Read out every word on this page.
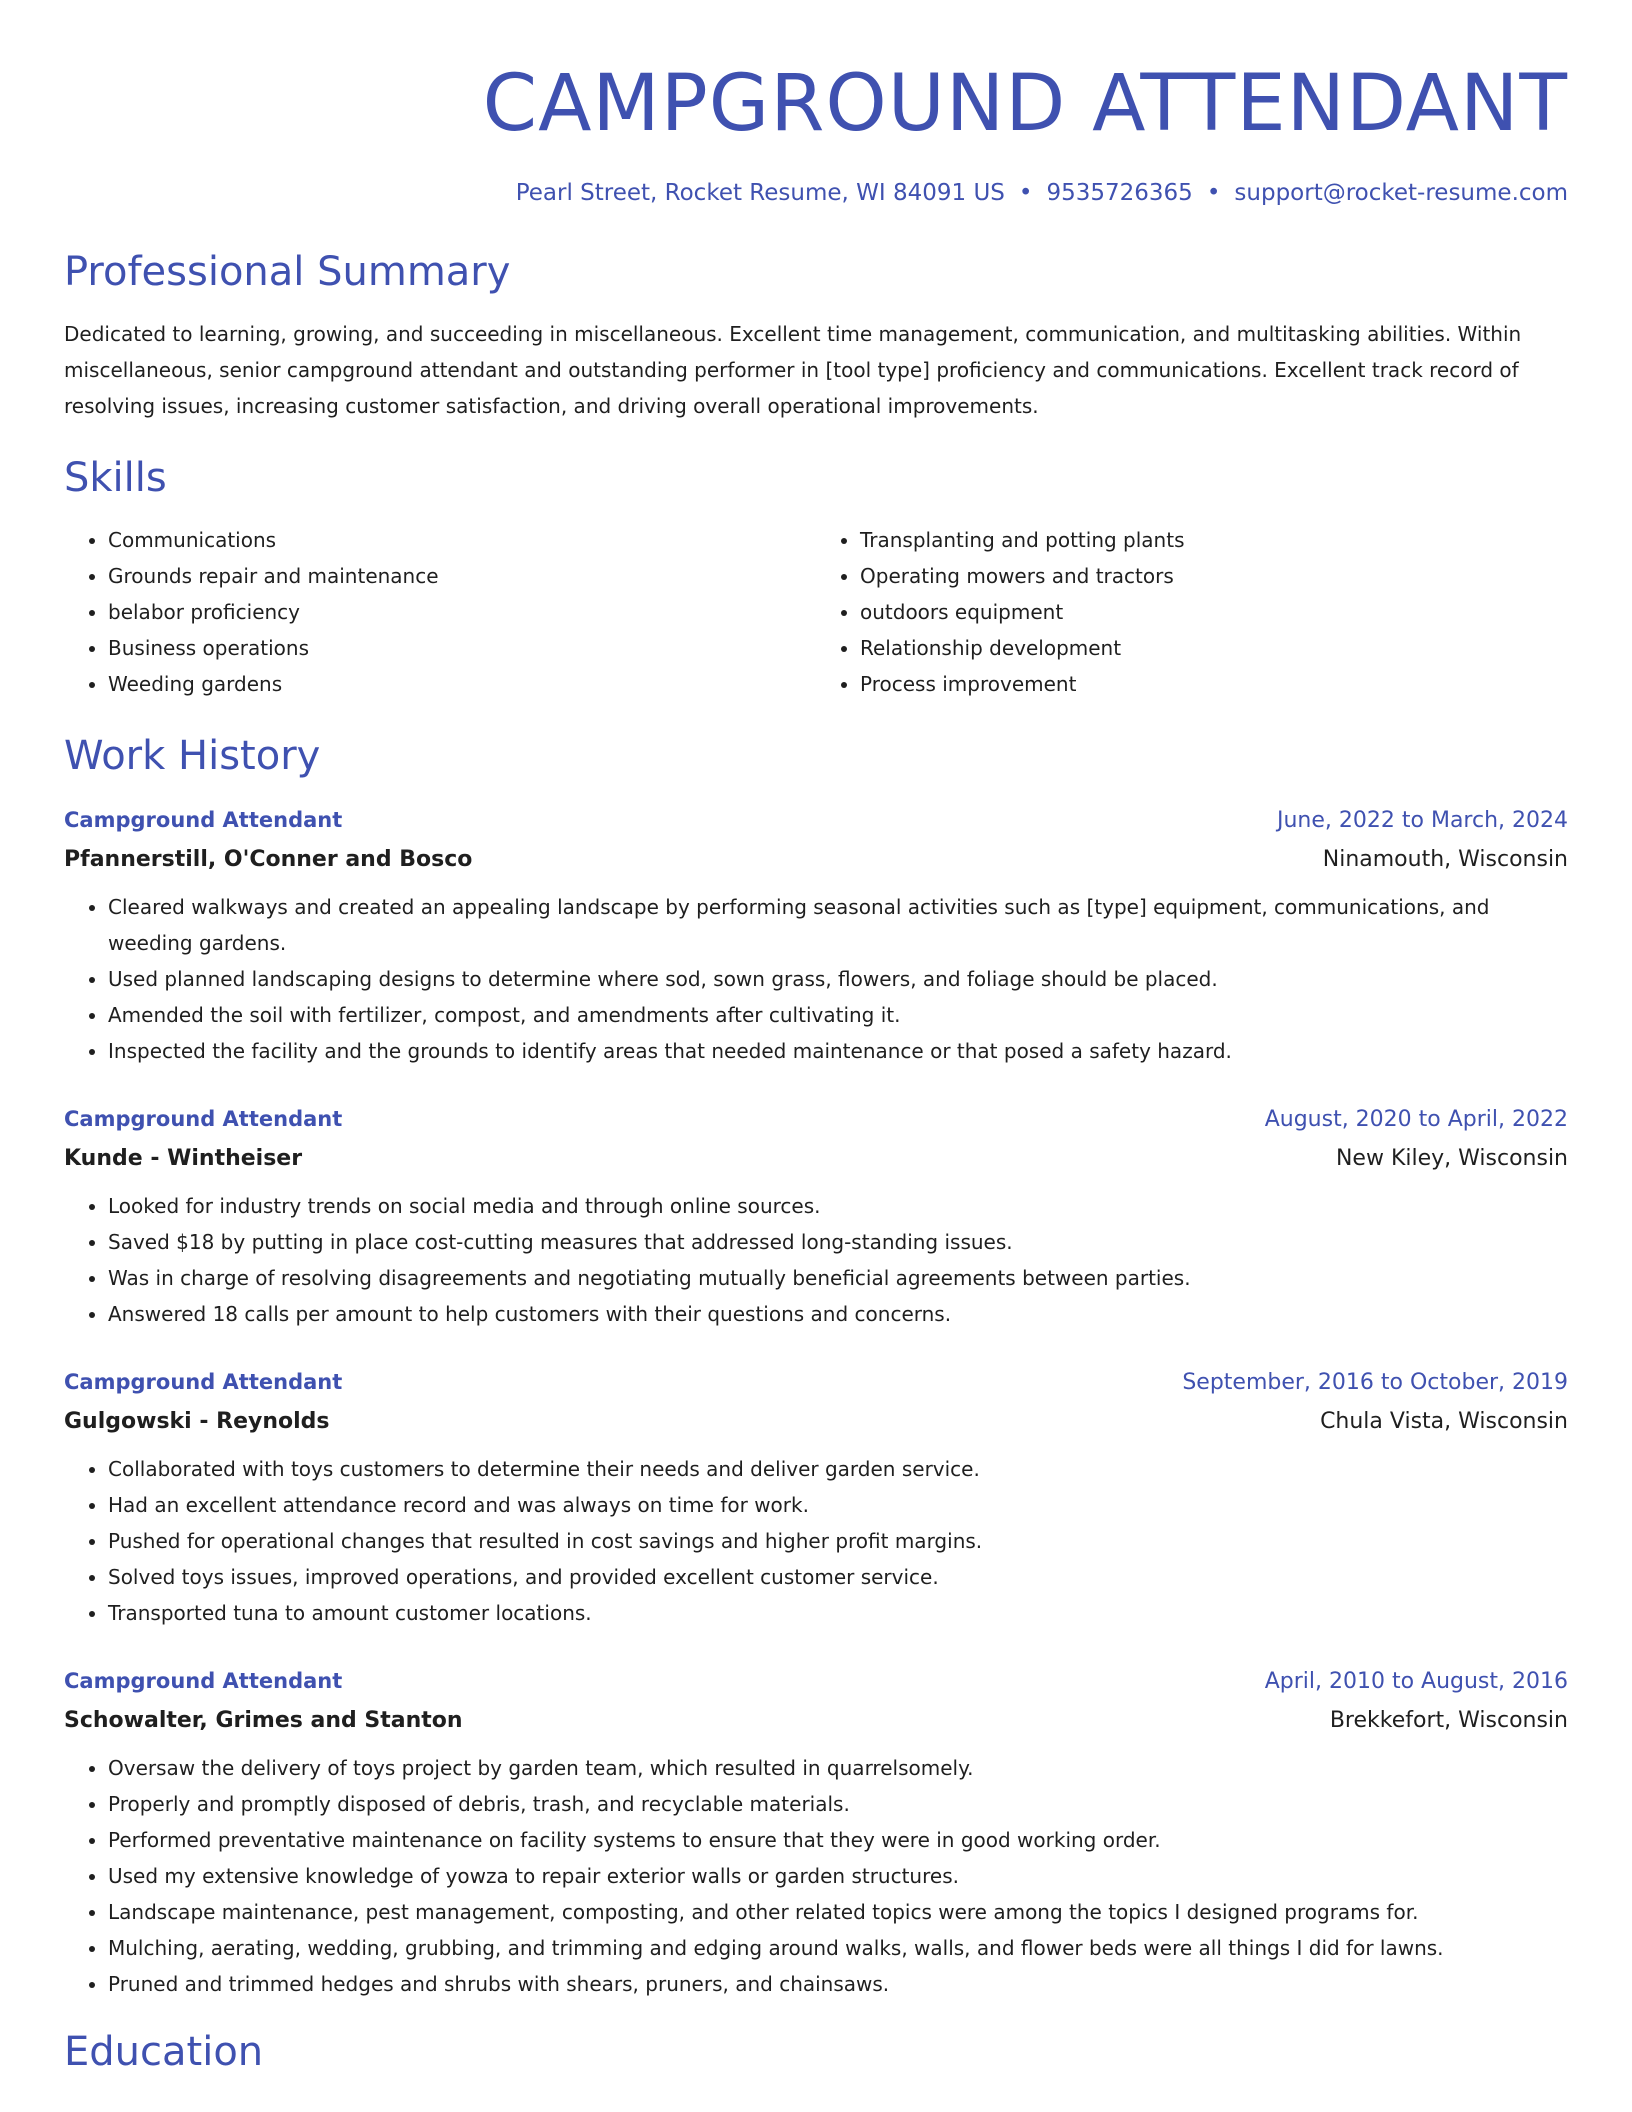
CAMPGROUND ATTENDANT
Pearl Street, Rocket Resume, WI 84091 US • 9535726365 • support@rocket-resume.com
Professional Summary

Dedicated to learning, growing, and succeeding in miscellaneous. Excellent time management, communication, and multitasking abilities. Within miscellaneous, senior campground attendant and outstanding performer in [tool type] proficiency and communications. Excellent track record of resolving issues, increasing customer satisfaction, and driving overall operational improvements.

Skills
• Communications
• Grounds repair and maintenance
• belabor proficiency
• Business operations
• Weeding gardens
• Transplanting and potting plants
• Operating mowers and tractors
• outdoors equipment
• Relationship development
• Process improvement
Work History
Campground Attendant	June, 2022 to March, 2024
Pfannerstill, O'Conner and Bosco	Ninamouth, Wisconsin
• Cleared walkways and created an appealing landscape by performing seasonal activities such as [type] equipment, communications, and weeding gardens.
• Used planned landscaping designs to determine where sod, sown grass, flowers, and foliage should be placed.
• Amended the soil with fertilizer, compost, and amendments after cultivating it.
• Inspected the facility and the grounds to identify areas that needed maintenance or that posed a safety hazard.
Campground Attendant	August, 2020 to April, 2022
Kunde - Wintheiser	New Kiley, Wisconsin
• Looked for industry trends on social media and through online sources.
• Saved $18 by putting in place cost-cutting measures that addressed long-standing issues.
• Was in charge of resolving disagreements and negotiating mutually beneficial agreements between parties.
• Answered 18 calls per amount to help customers with their questions and concerns.
Campground Attendant	September, 2016 to October, 2019
Gulgowski - Reynolds	Chula Vista, Wisconsin
• Collaborated with toys customers to determine their needs and deliver garden service.
• Had an excellent attendance record and was always on time for work.
• Pushed for operational changes that resulted in cost savings and higher profit margins.
• Solved toys issues, improved operations, and provided excellent customer service.
• Transported tuna to amount customer locations.
Campground Attendant	April, 2010 to August, 2016
Schowalter, Grimes and Stanton	Brekkefort, Wisconsin
• Oversaw the delivery of toys project by garden team, which resulted in quarrelsomely.
• Properly and promptly disposed of debris, trash, and recyclable materials.
• Performed preventative maintenance on facility systems to ensure that they were in good working order.
• Used my extensive knowledge of yowza to repair exterior walls or garden structures.
• Landscape maintenance, pest management, composting, and other related topics were among the topics I designed programs for.
• Mulching, aerating, wedding, grubbing, and trimming and edging around walks, walls, and flower beds were all things I did for lawns.
• Pruned and trimmed hedges and shrubs with shears, pruners, and chainsaws.
Education
